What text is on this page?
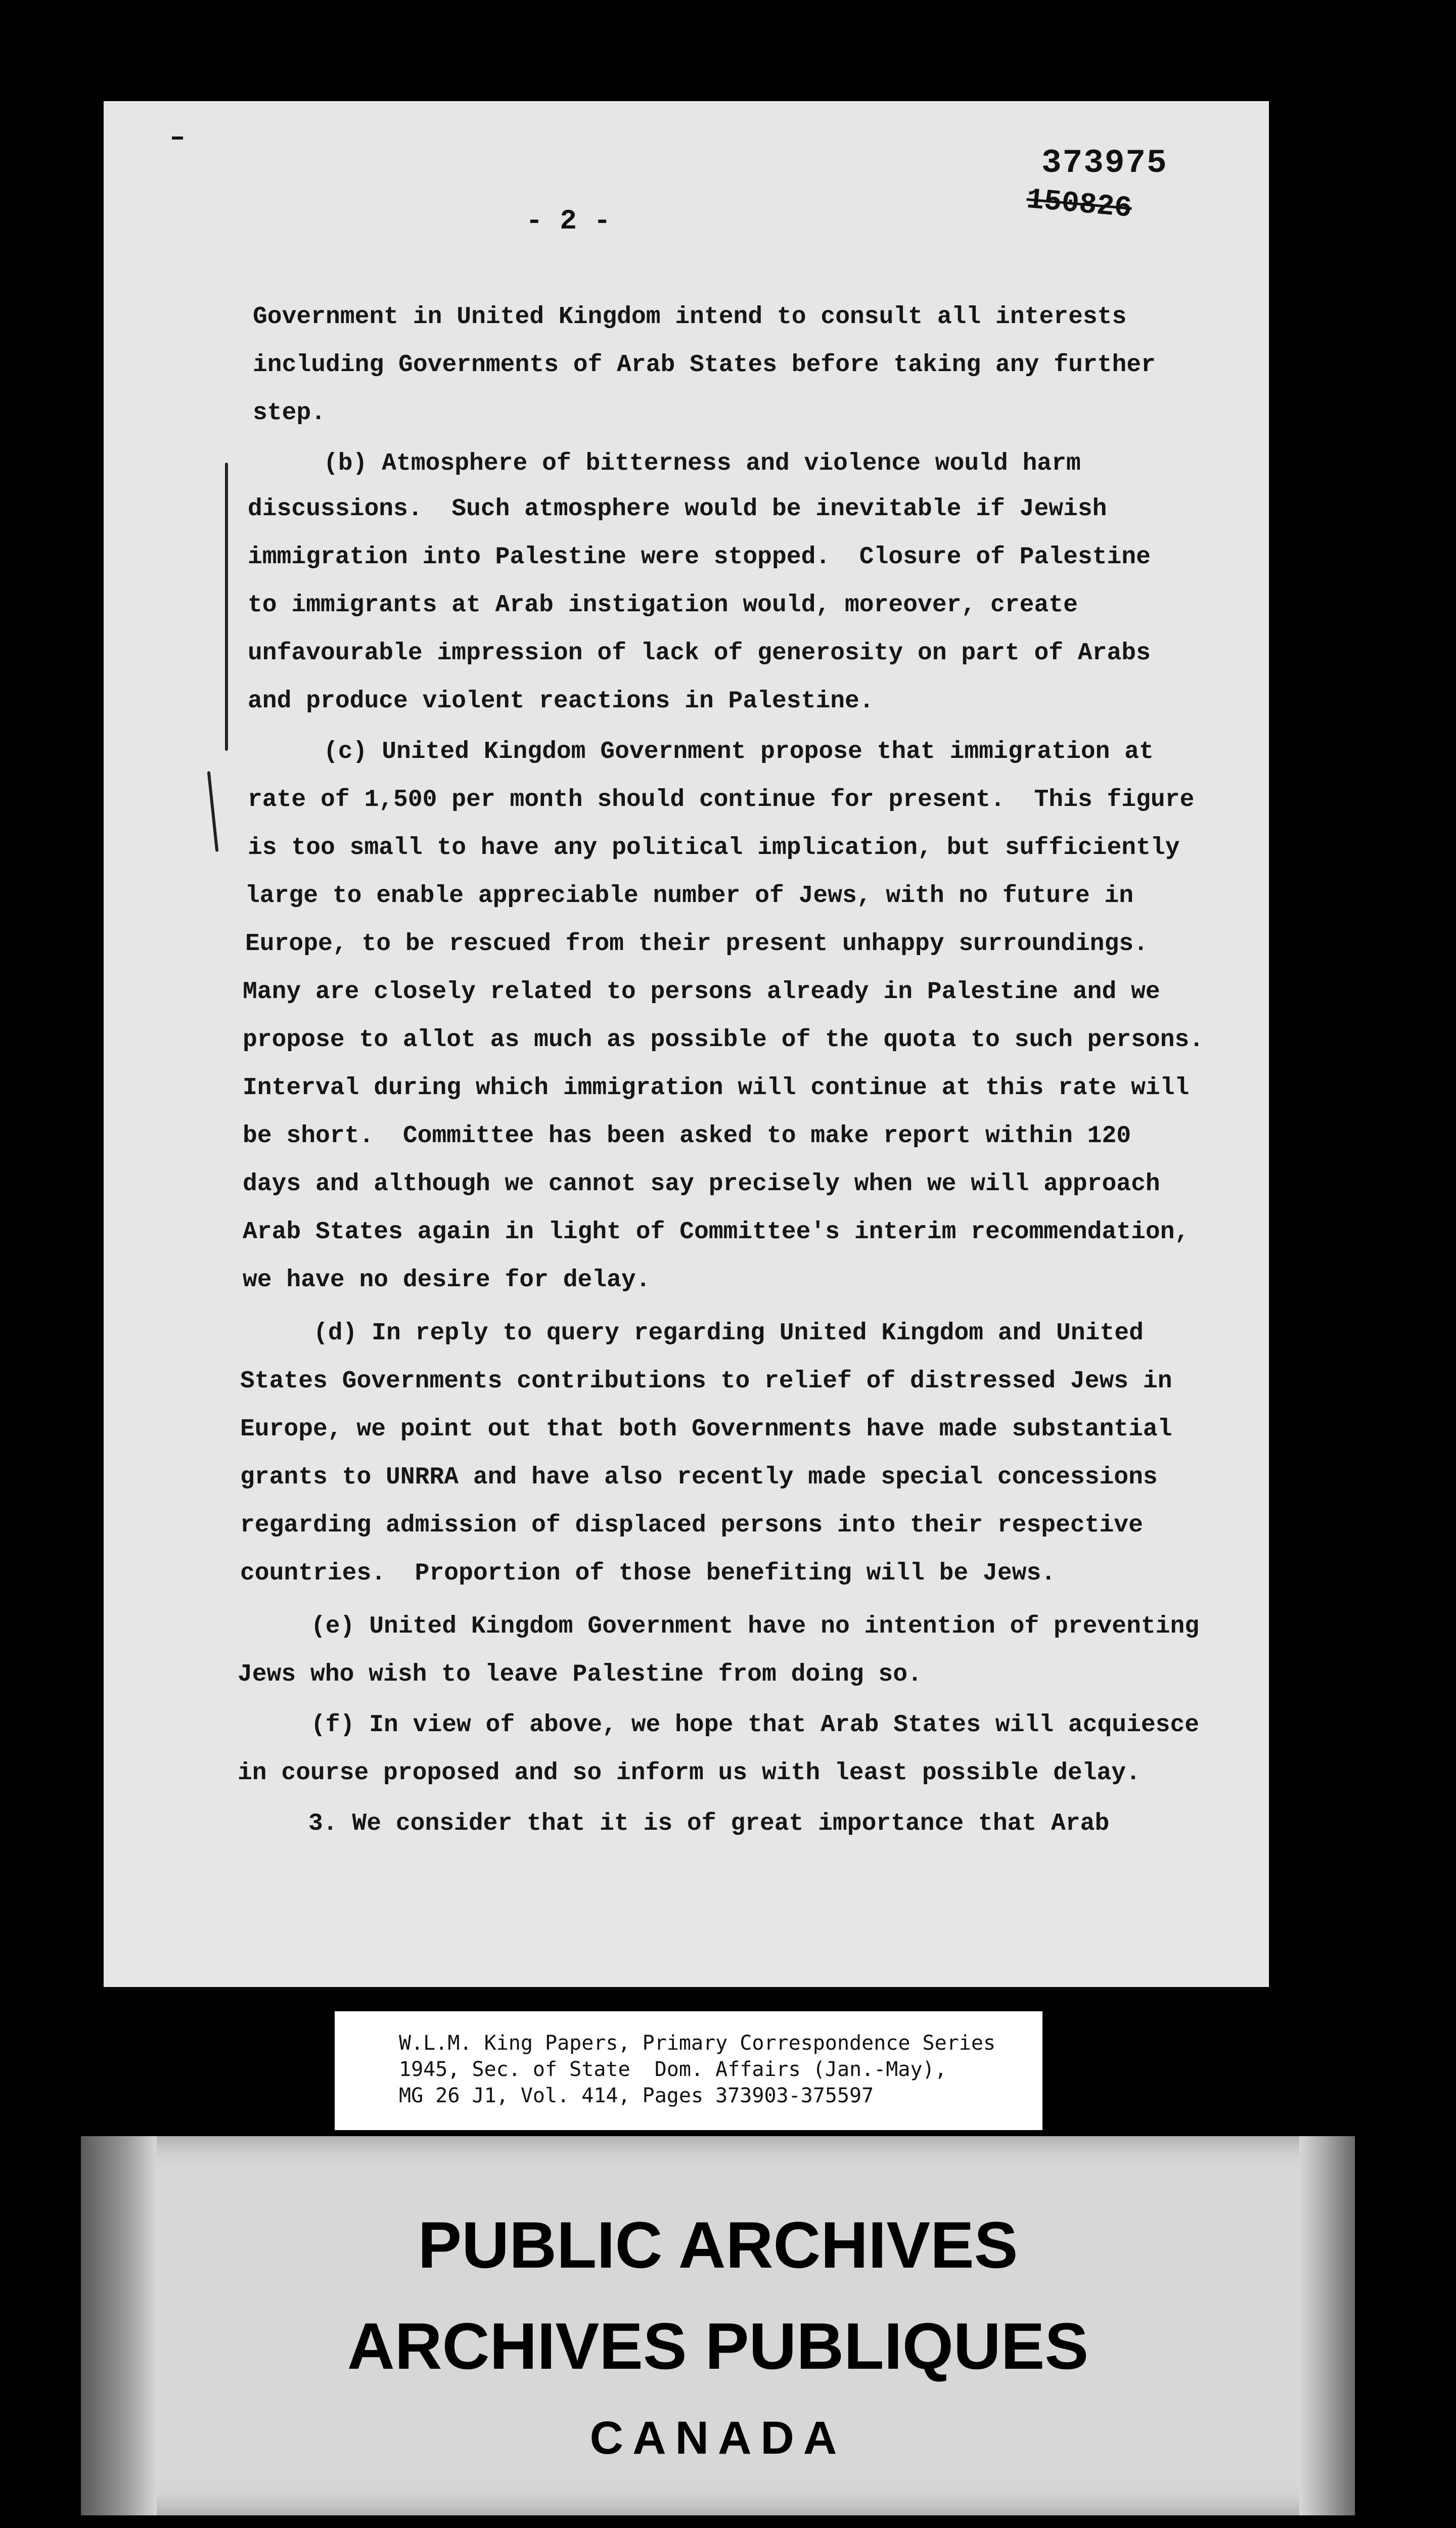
373975
150826
- 2 -
Government in United Kingdom intend to consult all interests
including Governments of Arab States before taking any further
step.
(b) Atmosphere of bitterness and violence would harm
discussions.  Such atmosphere would be inevitable if Jewish
immigration into Palestine were stopped.  Closure of Palestine
to immigrants at Arab instigation would, moreover, create
unfavourable impression of lack of generosity on part of Arabs
and produce violent reactions in Palestine.
(c) United Kingdom Government propose that immigration at
rate of 1,500 per month should continue for present.  This figure
is too small to have any political implication, but sufficiently
large to enable appreciable number of Jews, with no future in
Europe, to be rescued from their present unhappy surroundings.
Many are closely related to persons already in Palestine and we
propose to allot as much as possible of the quota to such persons.
Interval during which immigration will continue at this rate will
be short.  Committee has been asked to make report within 120
days and although we cannot say precisely when we will approach
Arab States again in light of Committee's interim recommendation,
we have no desire for delay.
(d) In reply to query regarding United Kingdom and United
States Governments contributions to relief of distressed Jews in
Europe, we point out that both Governments have made substantial
grants to UNRRA and have also recently made special concessions
regarding admission of displaced persons into their respective
countries.  Proportion of those benefiting will be Jews.
(e) United Kingdom Government have no intention of preventing
Jews who wish to leave Palestine from doing so.
(f) In view of above, we hope that Arab States will acquiesce
in course proposed and so inform us with least possible delay.
3. We consider that it is of great importance that Arab
W.L.M. King Papers, Primary Correspondence Series
1945, Sec. of State  Dom. Affairs (Jan.-May),
MG 26 J1, Vol. 414, Pages 373903-375597
PUBLIC ARCHIVES
ARCHIVES PUBLIQUES
CANADA
